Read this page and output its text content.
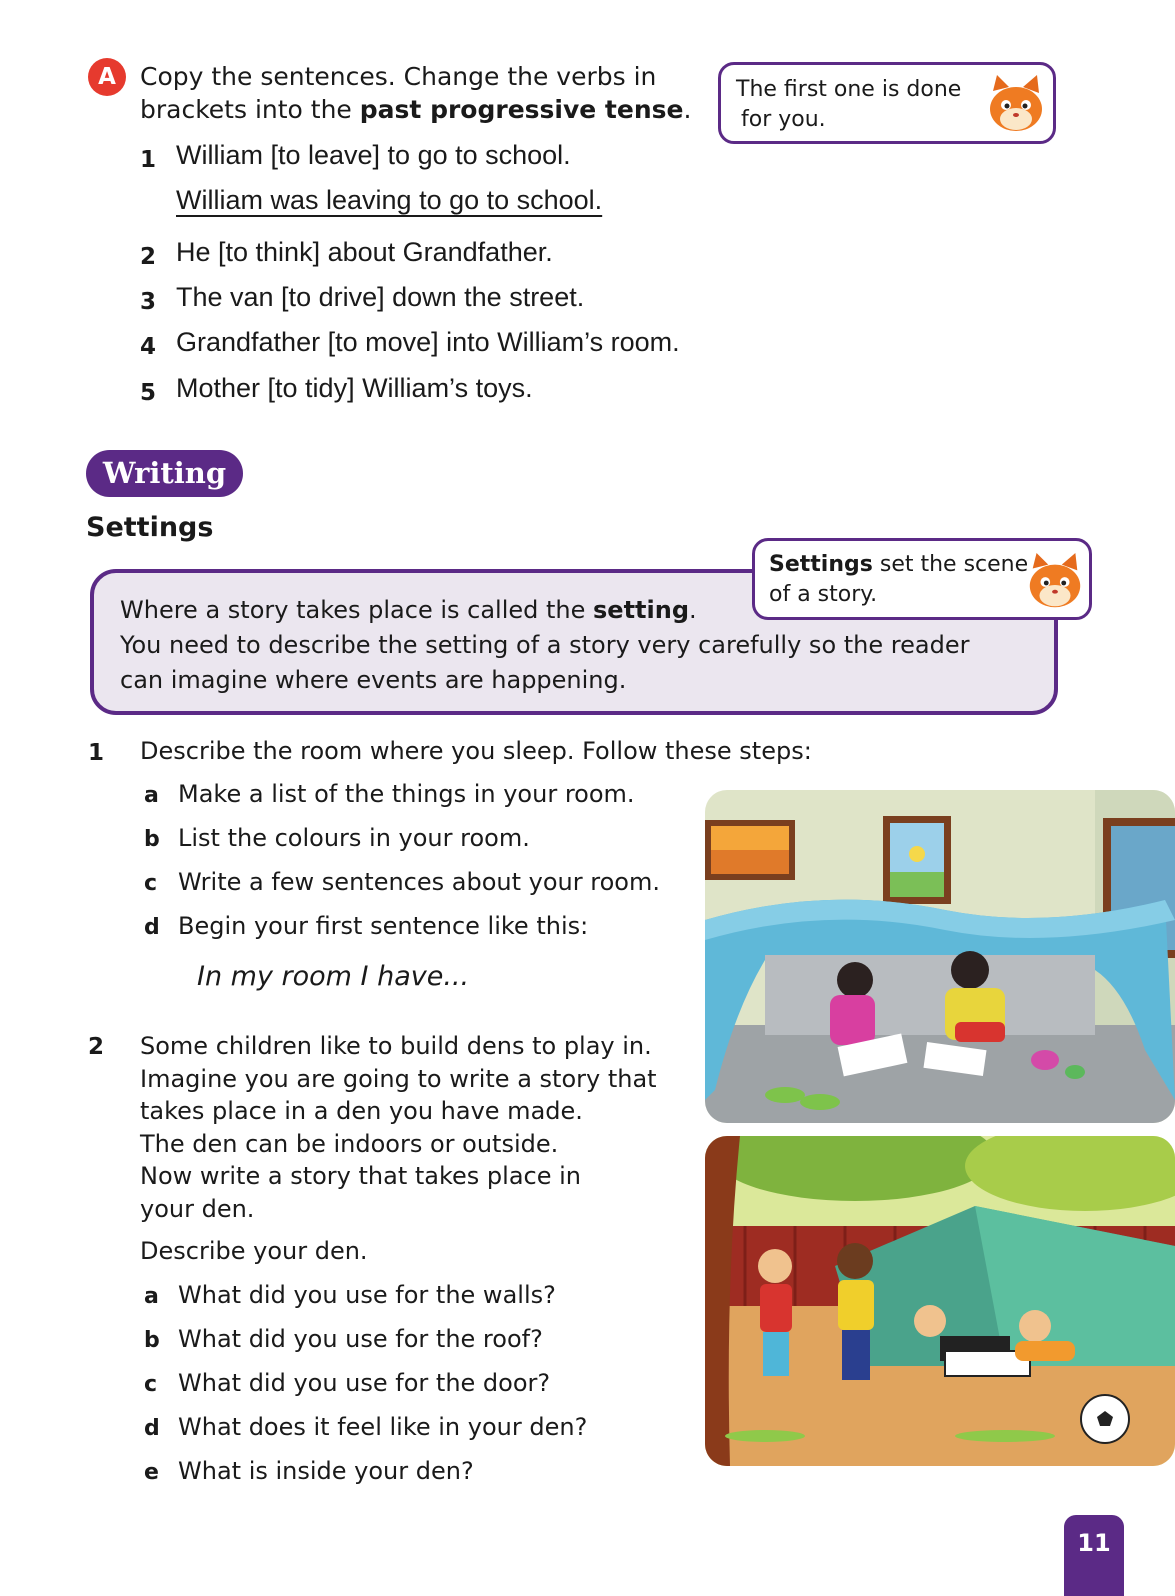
A Copy the sentences. Change the verbs in
brackets into the past progressive tense.
The first one is done
for you.
1 William [to leave] to go to school.
William was leaving to go to school.
2 He [to think] about Grandfather.
3 The van [to drive] down the street.
4 Grandfather [to move] into William’s room.
5 Mother [to tidy] William’s toys.
Writing
Settings
Where a story takes place is called the setting.
You need to describe the setting of a story very carefully so the reader
can imagine where events are happening.
Settings set the scene
of a story.
1 Describe the room where you sleep. Follow these steps:
a Make a list of the things in your room.
b List the colours in your room.
c Write a few sentences about your room.
d Begin your first sentence like this:
In my room I have...
2 Some children like to build dens to play in.
Imagine you are going to write a story that
takes place in a den you have made.
The den can be indoors or outside.
Now write a story that takes place in
your den.
Describe your den.
a What did you use for the walls?
b What did you use for the roof?
c What did you use for the door?
d What does it feel like in your den?
e What is inside your den?
11
